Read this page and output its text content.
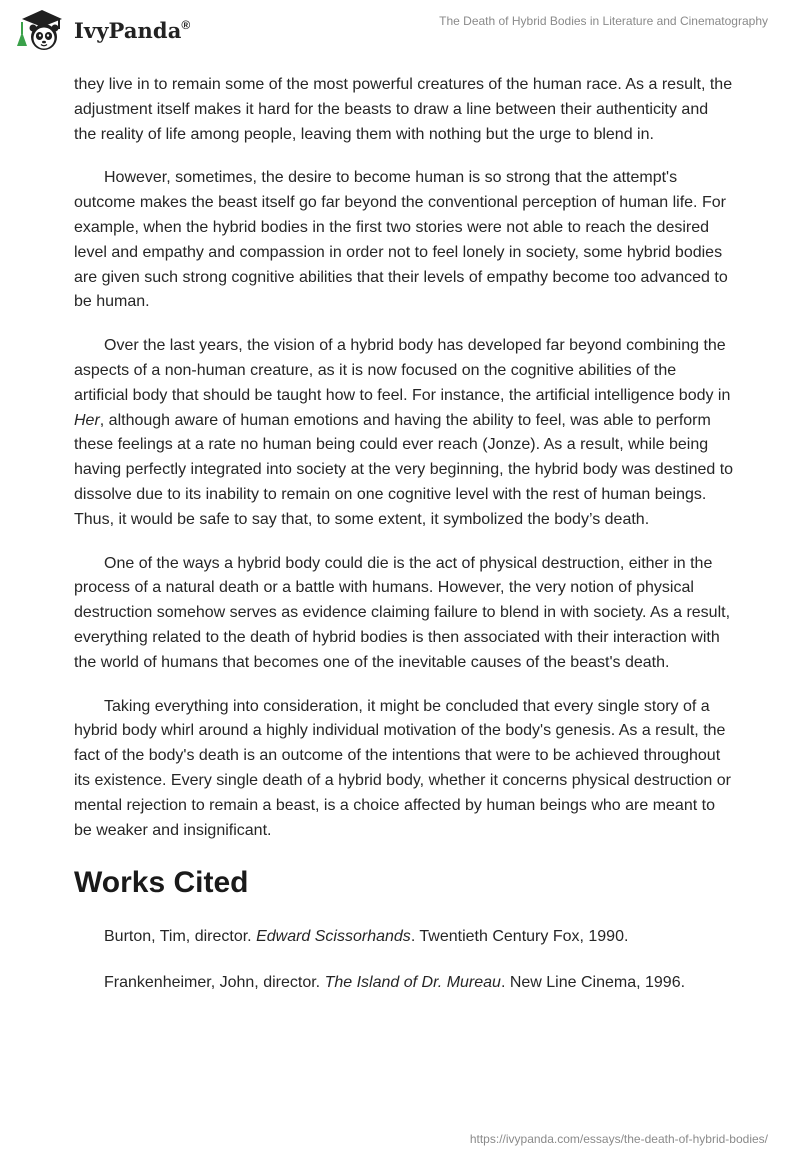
IvyPanda®	The Death of Hybrid Bodies in Literature and Cinematography

they live in to remain some of the most powerful creatures of the human race. As a result, the adjustment itself makes it hard for the beasts to draw a line between their authenticity and the reality of life among people, leaving them with nothing but the urge to blend in.

However, sometimes, the desire to become human is so strong that the attempt's outcome makes the beast itself go far beyond the conventional perception of human life. For example, when the hybrid bodies in the first two stories were not able to reach the desired level and empathy and compassion in order not to feel lonely in society, some hybrid bodies are given such strong cognitive abilities that their levels of empathy become too advanced to be human.

Over the last years, the vision of a hybrid body has developed far beyond combining the aspects of a non-human creature, as it is now focused on the cognitive abilities of the artificial body that should be taught how to feel. For instance, the artificial intelligence body in Her, although aware of human emotions and having the ability to feel, was able to perform these feelings at a rate no human being could ever reach (Jonze). As a result, while being having perfectly integrated into society at the very beginning, the hybrid body was destined to dissolve due to its inability to remain on one cognitive level with the rest of human beings. Thus, it would be safe to say that, to some extent, it symbolized the body’s death.

One of the ways a hybrid body could die is the act of physical destruction, either in the process of a natural death or a battle with humans. However, the very notion of physical destruction somehow serves as evidence claiming failure to blend in with society. As a result, everything related to the death of hybrid bodies is then associated with their interaction with the world of humans that becomes one of the inevitable causes of the beast's death.

Taking everything into consideration, it might be concluded that every single story of a hybrid body whirl around a highly individual motivation of the body's genesis. As a result, the fact of the body's death is an outcome of the intentions that were to be achieved throughout its existence. Every single death of a hybrid body, whether it concerns physical destruction or mental rejection to remain a beast, is a choice affected by human beings who are meant to be weaker and insignificant.

Works Cited
Burton, Tim, director. Edward Scissorhands. Twentieth Century Fox, 1990.
Frankenheimer, John, director. The Island of Dr. Mureau. New Line Cinema, 1996.
https://ivypanda.com/essays/the-death-of-hybrid-bodies/
